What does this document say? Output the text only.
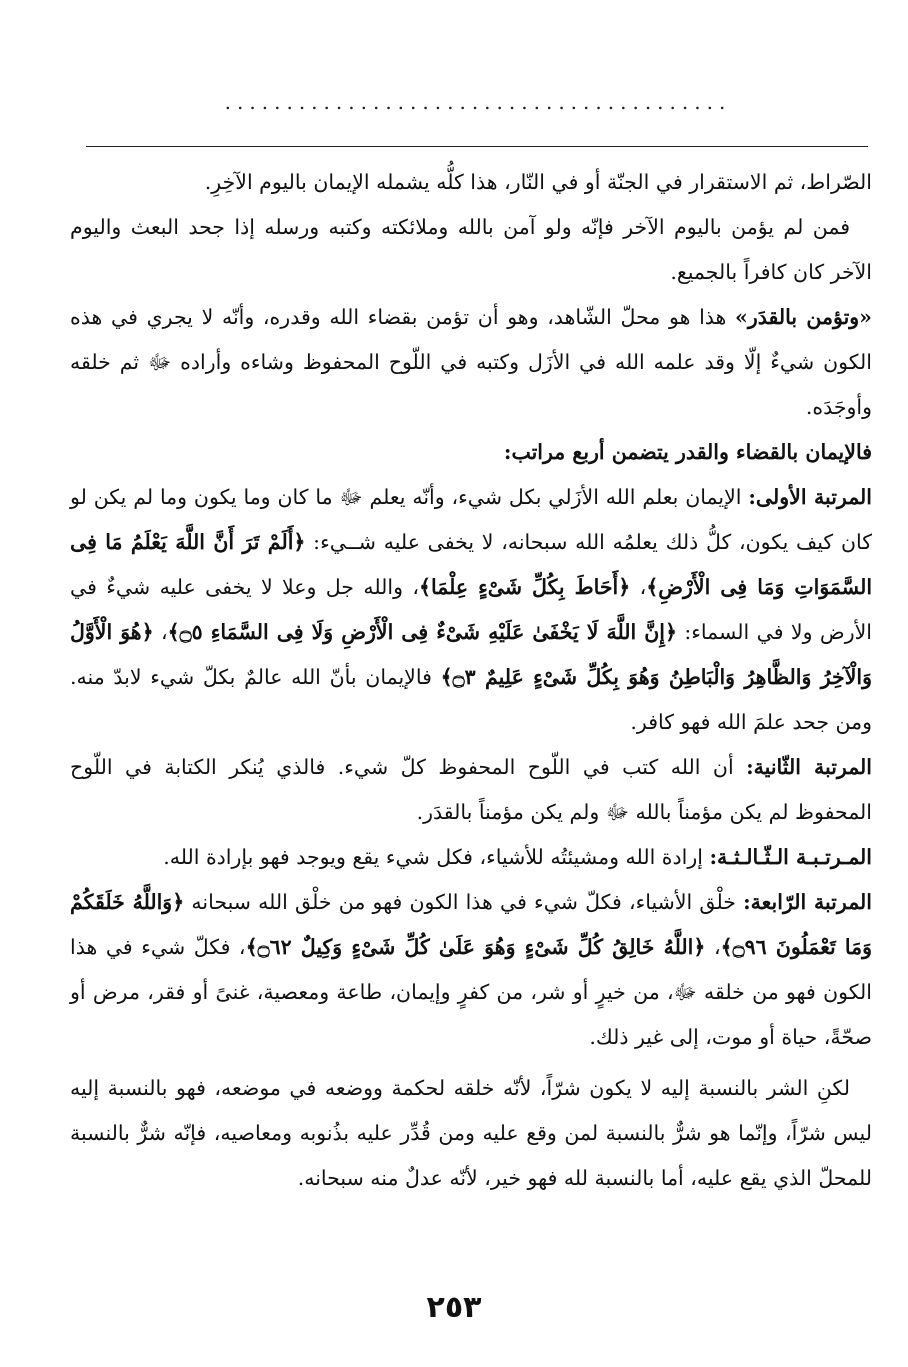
.........................................

الصّراط، ثم الاستقرار في الجنّة أو في النّار، هذا كلُّه يشمله الإيمان باليوم الآخِرِ.

فمن لم يؤمن باليوم الآخر فإنّه ولو آمن بالله وملائكته وكتبه ورسله إذا جحد البعث واليوم الآخر كان كافراً بالجميع.

«وتؤمن بالقدَر» هذا هو محلّ الشّاهد، وهو أن تؤمن بقضاء الله وقدره، وأنّه لا يجري في هذه الكون شيءٌ إلّا وقد علمه الله في الأزَل وكتبه في اللّوح المحفوظ وشاءه وأراده ﷻ ثم خلقه وأوجَدَه.

فالإيمان بالقضاء والقدر يتضمن أربع مراتب:

المرتبة الأولى: الإيمان بعلم الله الأزَلي بكل شيء، وأنّه يعلم ﷻ ما كان وما يكون وما لم يكن لو كان كيف يكون، كلُّ ذلك يعلمُه الله سبحانه، لا يخفى عليه شــيء: ﴿أَلَمْ تَرَ أَنَّ اللَّهَ يَعْلَمُ مَا فِى السَّمَوَاتِ وَمَا فِى الْأَرْضِ﴾، ﴿أَحَاطَ بِكُلِّ شَىْءٍ عِلْمَا﴾، والله جل وعلا لا يخفى عليه شيءٌ في الأرض ولا في السماء: ﴿إِنَّ اللَّهَ لَا يَخْفَىٰ عَلَيْهِ شَىْءٌ فِى الْأَرْضِ وَلَا فِى السَّمَاءِ ۝٥﴾، ﴿هُوَ الْأَوَّلُ وَالْآخِرُ وَالظَّاهِرُ وَالْبَاطِنُ وَهُوَ بِكُلِّ شَىْءٍ عَلِيمٌ ۝٣﴾ فالإيمان بأنّ الله عالمٌ بكلّ شيء لابدّ منه. ومن جحد علمَ الله فهو كافر.

المرتبة الثّانية: أن الله كتب في اللّوح المحفوظ كلّ شيء. فالذي يُنكر الكتابة في اللّوح المحفوظ لم يكن مؤمناً بالله ﷻ ولم يكن مؤمناً بالقدَر.

المـرتـبـة الـثّـالـثـة: إرادة الله ومشيئتُه للأشياء، فكل شيء يقع ويوجد فهو بإرادة الله.

المرتبة الرّابعة: خلْق الأشياء، فكلّ شيء في هذا الكون فهو من خلْق الله سبحانه ﴿وَاللَّهُ خَلَقَكُمْ وَمَا تَعْمَلُونَ ۝٩٦﴾، ﴿اللَّهُ خَالِقُ كُلِّ شَىْءٍ وَهُوَ عَلَىٰ كُلِّ شَىْءٍ وَكِيلٌ ۝٦٢﴾، فكلّ شيء في هذا الكون فهو من خلقه ﷻ، من خيرٍ أو شر، من كفرٍ وإيمان، طاعة ومعصية، غنىً أو فقر، مرض أو صحّةً، حياة أو موت، إلى غير ذلك.

لكنِ الشر بالنسبة إليه لا يكون شرّاً، لأنّه خلقه لحكمة ووضعه في موضعه، فهو بالنسبة إليه ليس شرّاً، وإنّما هو شرٌّ بالنسبة لمن وقع عليه ومن قُدِّر عليه بذُنوبه ومعاصيه، فإنّه شرٌّ بالنسبة للمحلّ الذي يقع عليه، أما بالنسبة لله فهو خير، لأنّه عدلٌ منه سبحانه.

٢٥٣
